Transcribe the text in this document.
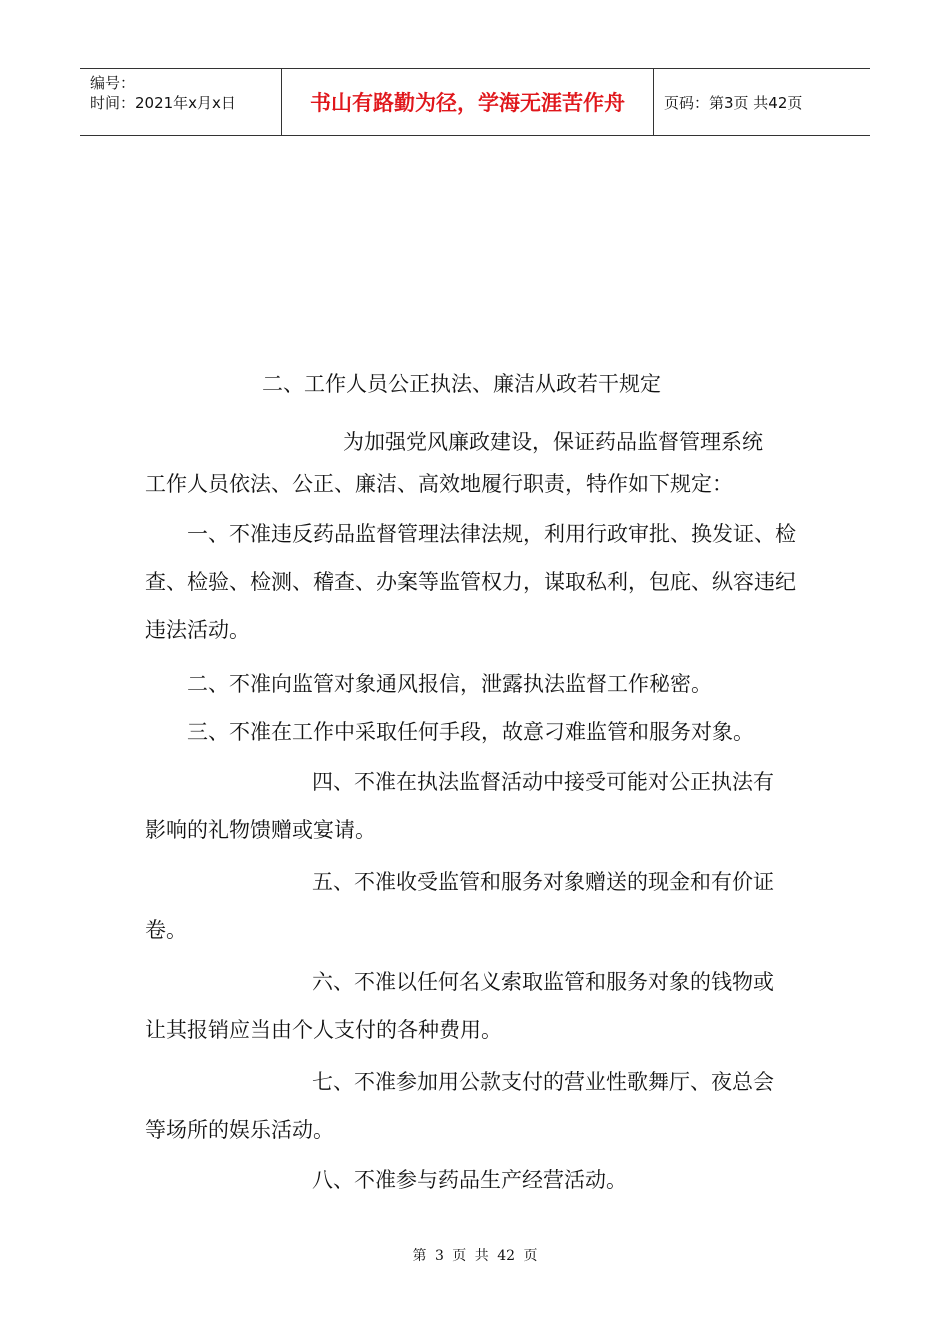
编号：
时间：2021年x月x日	书山有路勤为径，学海无涯苦作舟	页码：第3页 共42页
二、工作人员公正执法、廉洁从政若干规定

为加强党风廉政建设，保证药品监督管理系统

工作人员依法、公正、廉洁、高效地履行职责，特作如下规定：

一、不准违反药品监督管理法律法规，利用行政审批、换发证、检查、检验、检测、稽查、办案等监管权力，谋取私利，包庇、纵容违纪违法活动。

二、不准向监管对象通风报信，泄露执法监督工作秘密。

三、不准在工作中采取任何手段，故意刁难监管和服务对象。

四、不准在执法监督活动中接受可能对公正执法有

影响的礼物馈赠或宴请。

五、不准收受监管和服务对象赠送的现金和有价证

卷。

六、不准以任何名义索取监管和服务对象的钱物或

让其报销应当由个人支付的各种费用。

七、不准参加用公款支付的营业性歌舞厅、夜总会

等场所的娱乐活动。

八、不准参与药品生产经营活动。

第 3 页 共 42 页
